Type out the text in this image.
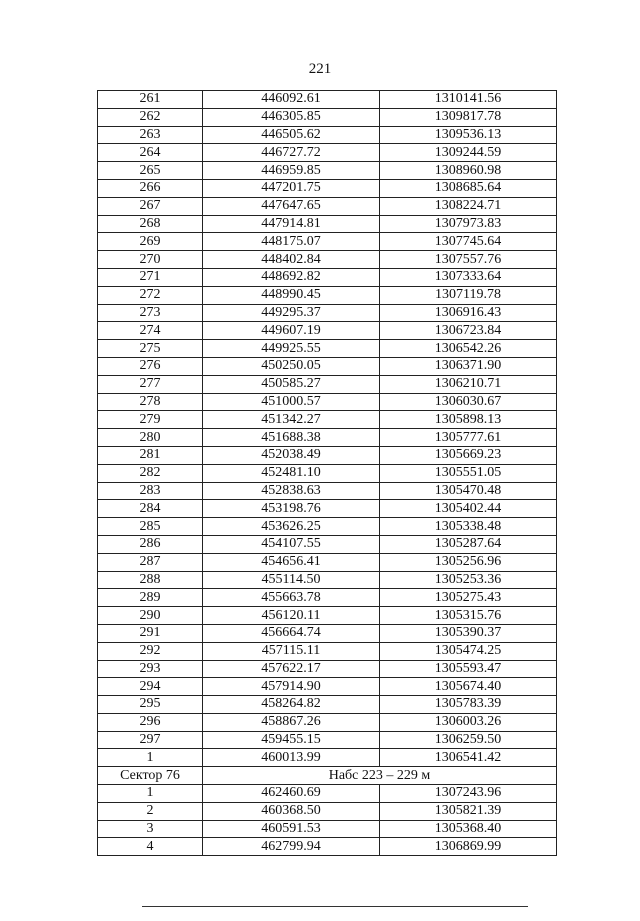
221
261	446092.61	1310141.56
262	446305.85	1309817.78
263	446505.62	1309536.13
264	446727.72	1309244.59
265	446959.85	1308960.98
266	447201.75	1308685.64
267	447647.65	1308224.71
268	447914.81	1307973.83
269	448175.07	1307745.64
270	448402.84	1307557.76
271	448692.82	1307333.64
272	448990.45	1307119.78
273	449295.37	1306916.43
274	449607.19	1306723.84
275	449925.55	1306542.26
276	450250.05	1306371.90
277	450585.27	1306210.71
278	451000.57	1306030.67
279	451342.27	1305898.13
280	451688.38	1305777.61
281	452038.49	1305669.23
282	452481.10	1305551.05
283	452838.63	1305470.48
284	453198.76	1305402.44
285	453626.25	1305338.48
286	454107.55	1305287.64
287	454656.41	1305256.96
288	455114.50	1305253.36
289	455663.78	1305275.43
290	456120.11	1305315.76
291	456664.74	1305390.37
292	457115.11	1305474.25
293	457622.17	1305593.47
294	457914.90	1305674.40
295	458264.82	1305783.39
296	458867.26	1306003.26
297	459455.15	1306259.50
1	460013.99	1306541.42
Сектор 76	Набс 223 – 229 м	
1	462460.69	1307243.96
2	460368.50	1305821.39
3	460591.53	1305368.40
4	462799.94	1306869.99
